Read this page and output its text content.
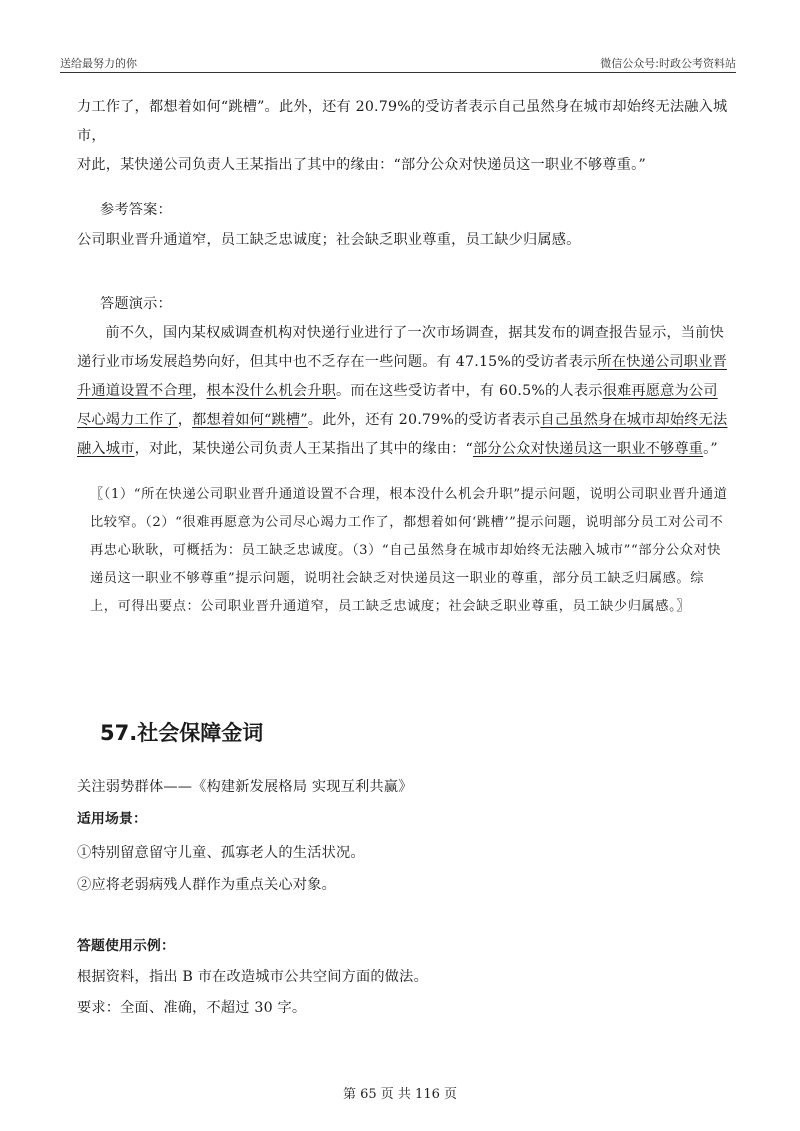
送给最努力的你	微信公众号:时政公考资料站

力工作了，都想着如何“跳槽”。此外，还有 20.79%的受访者表示自己虽然身在城市却始终无法融入城市，

对此，某快递公司负责人王某指出了其中的缘由：“部分公众对快递员这一职业不够尊重。”

参考答案：

公司职业晋升通道窄，员工缺乏忠诚度；社会缺乏职业尊重，员工缺少归属感。

答题演示：

前不久，国内某权威调查机构对快递行业进行了一次市场调查，据其发布的调查报告显示，当前快递行业市场发展趋势向好，但其中也不乏存在一些问题。有 47.15%的受访者表示所在快递公司职业晋升通道设置不合理，根本没什么机会升职。而在这些受访者中，有 60.5%的人表示很难再愿意为公司尽心竭力工作了，都想着如何“跳槽”。此外，还有 20.79%的受访者表示自己虽然身在城市却始终无法融入城市，对此，某快递公司负责人王某指出了其中的缘由：“部分公众对快递员这一职业不够尊重。”

〖（1）“所在快递公司职业晋升通道设置不合理，根本没什么机会升职”提示问题，说明公司职业晋升通道比较窄。（2）“很难再愿意为公司尽心竭力工作了，都想着如何‘跳槽’”提示问题，说明部分员工对公司不再忠心耿耿，可概括为：员工缺乏忠诚度。（3）“自己虽然身在城市却始终无法融入城市”“部分公众对快递员这一职业不够尊重”提示问题，说明社会缺乏对快递员这一职业的尊重，部分员工缺乏归属感。综上，可得出要点：公司职业晋升通道窄，员工缺乏忠诚度；社会缺乏职业尊重，员工缺少归属感。〗

57.社会保障金词

关注弱势群体——《构建新发展格局 实现互利共赢》

适用场景：

①特别留意留守儿童、孤寡老人的生活状况。

②应将老弱病残人群作为重点关心对象。

答题使用示例：

根据资料，指出 B 市在改造城市公共空间方面的做法。

要求：全面、准确，不超过 30 字。

第 65 页 共 116 页
